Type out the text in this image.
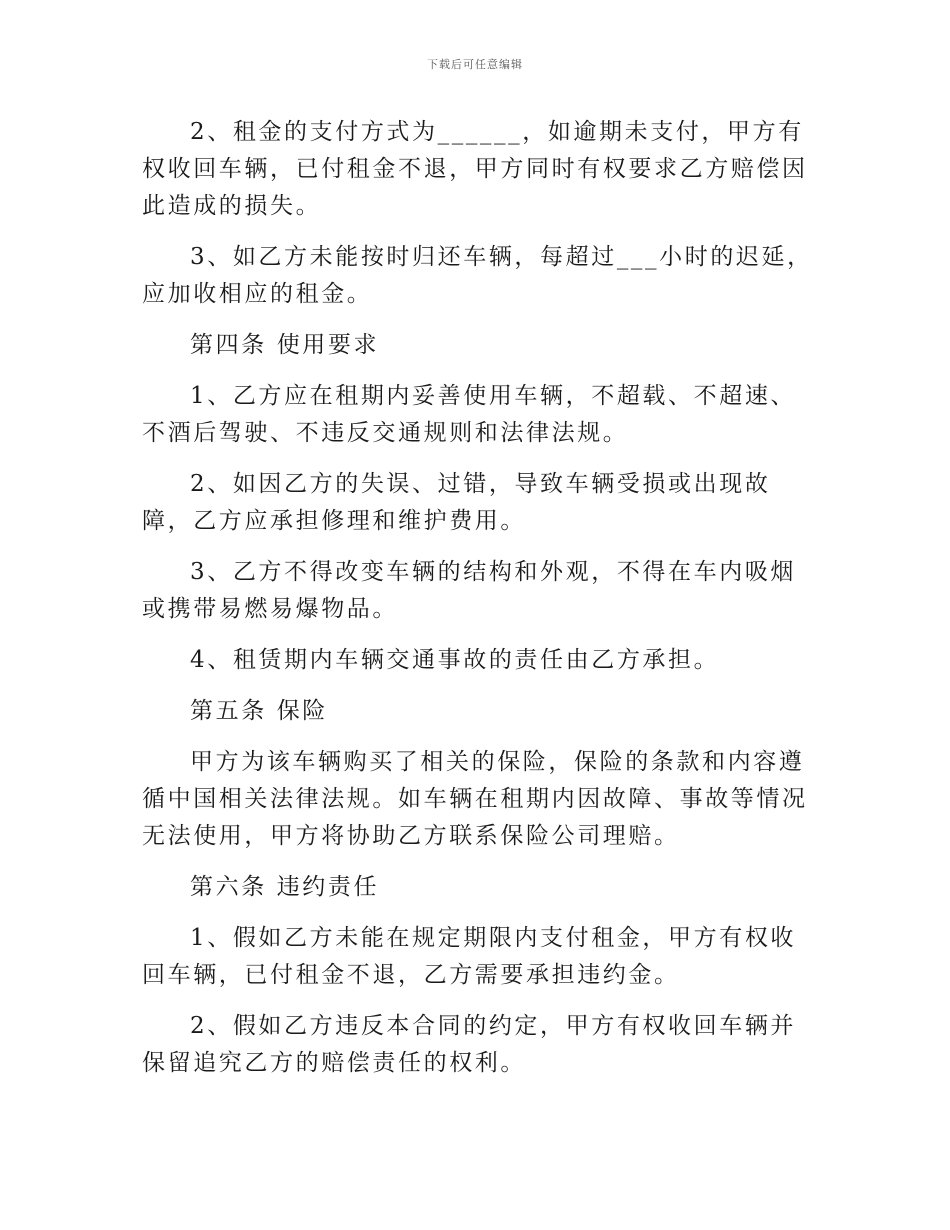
下载后可任意编辑

2、租金的支付方式为______，如逾期未支付，甲方有权收回车辆，已付租金不退，甲方同时有权要求乙方赔偿因此造成的损失。

3、如乙方未能按时归还车辆，每超过___小时的迟延，应加收相应的租金。

第四条 使用要求

1、乙方应在租期内妥善使用车辆，不超载、不超速、不酒后驾驶、不违反交通规则和法律法规。

2、如因乙方的失误、过错，导致车辆受损或出现故障，乙方应承担修理和维护费用。

3、乙方不得改变车辆的结构和外观，不得在车内吸烟或携带易燃易爆物品。

4、租赁期内车辆交通事故的责任由乙方承担。

第五条 保险

甲方为该车辆购买了相关的保险，保险的条款和内容遵循中国相关法律法规。如车辆在租期内因故障、事故等情况无法使用，甲方将协助乙方联系保险公司理赔。

第六条 违约责任

1、假如乙方未能在规定期限内支付租金，甲方有权收回车辆，已付租金不退，乙方需要承担违约金。

2、假如乙方违反本合同的约定，甲方有权收回车辆并保留追究乙方的赔偿责任的权利。
